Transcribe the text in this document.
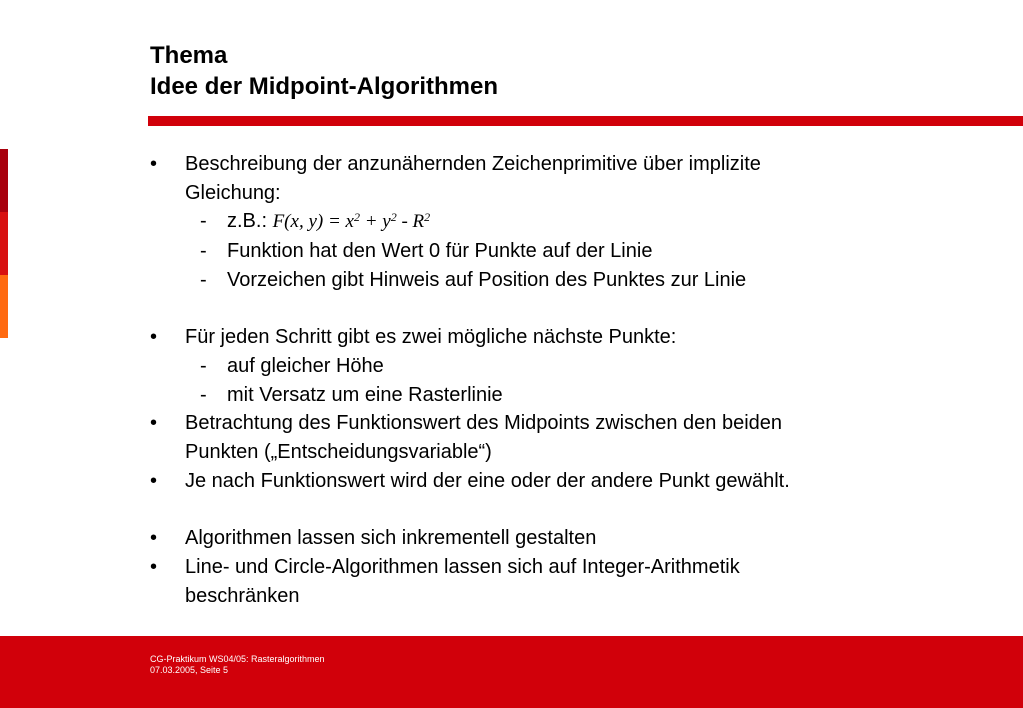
Thema
Idee der Midpoint-Algorithmen
• Beschreibung der anzunähernden Zeichenprimitive über implizite
Gleichung:
- z.B.: F(x, $y) = x^2 + y^2 - R^2$
- Funktion hat den Wert 0 für Punkte auf der Linie
- Vorzeichen gibt Hinweis auf Position des Punktes zur Linie
• Für jeden Schritt gibt es zwei mögliche nächste Punkte:
- auf gleicher Höhe
- mit Versatz um eine Rasterlinie
• Betrachtung des Funktionswert des Midpoints zwischen den beiden
Punkten („Entscheidungsvariable“)
• Je nach Funktionswert wird der eine oder der andere Punkt gewählt.
• Algorithmen lassen sich inkrementell gestalten
• Line- und Circle-Algorithmen lassen sich auf Integer-Arithmetik
beschränken
CG-Praktikum WS04/05: Rasteralgorithmen
07.03.2005, Seite 5
